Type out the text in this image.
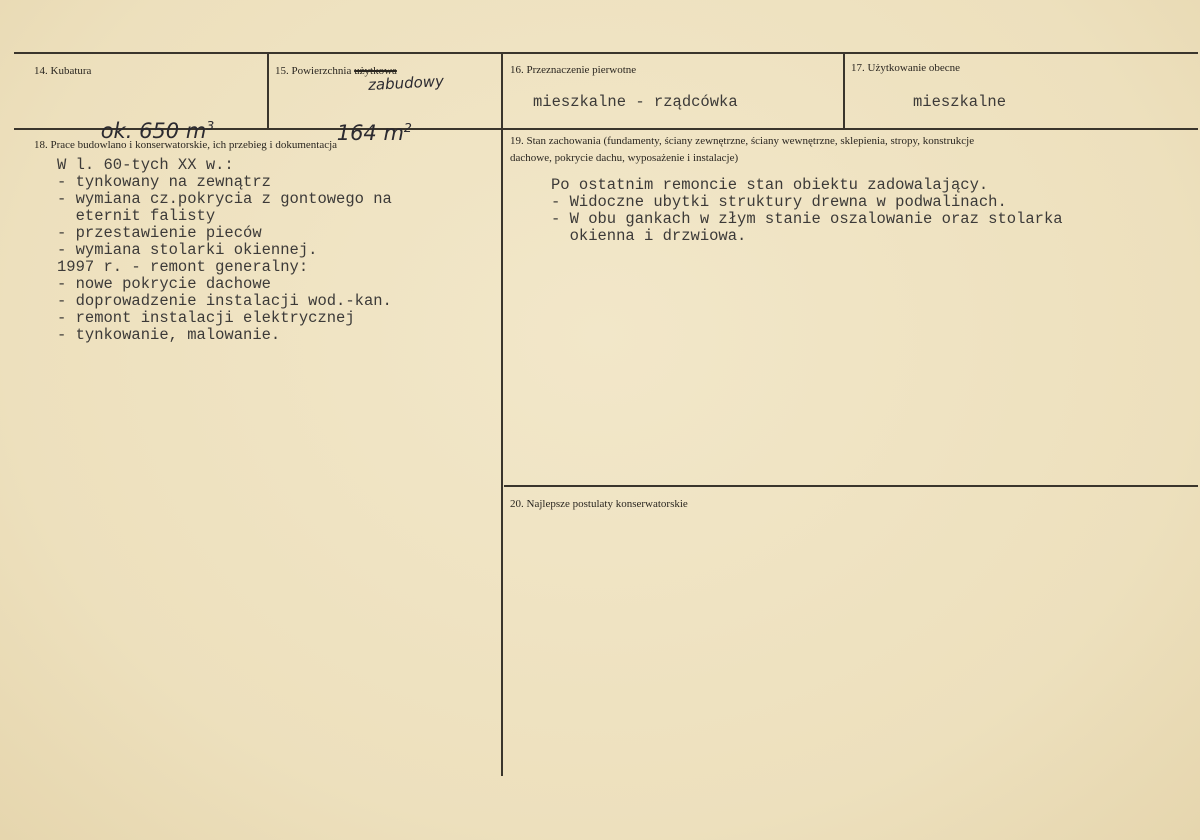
14. Kubatura

ok. 650 $m^3$

15. Powierzchnia użytkowa
zabudowy

164 $m^2$

16. Przeznaczenie pierwotne
mieszkalne - rządcówka
17. Użytkowanie obecne
mieszkalne
18. Prace budowlano i konserwatorskie, ich przebieg i dokumentacja
W l. 60-tych XX w.:
- tynkowany na zewnątrz
- wymiana cz.pokrycia z gontowego na
eternit falisty
- przestawienie pieców
- wymiana stolarki okiennej.
1997 r. - remont generalny:
- nowe pokrycie dachowe
- doprowadzenie instalacji wod.-kan.
- remont instalacji elektrycznej
- tynkowanie, malowanie.
19. Stan zachowania (fundamenty, ściany zewnętrzne, ściany wewnętrzne, sklepienia, stropy, konstrukcje
dachowe, pokrycie dachu, wyposażenie i instalacje)
Po ostatnim remoncie stan obiektu zadowalający.
- Widoczne ubytki struktury drewna w podwalinach.
- W obu gankach w złym stanie oszalowanie oraz stolarka
okienna i drzwiowa.
20. Najlepsze postulaty konserwatorskie
